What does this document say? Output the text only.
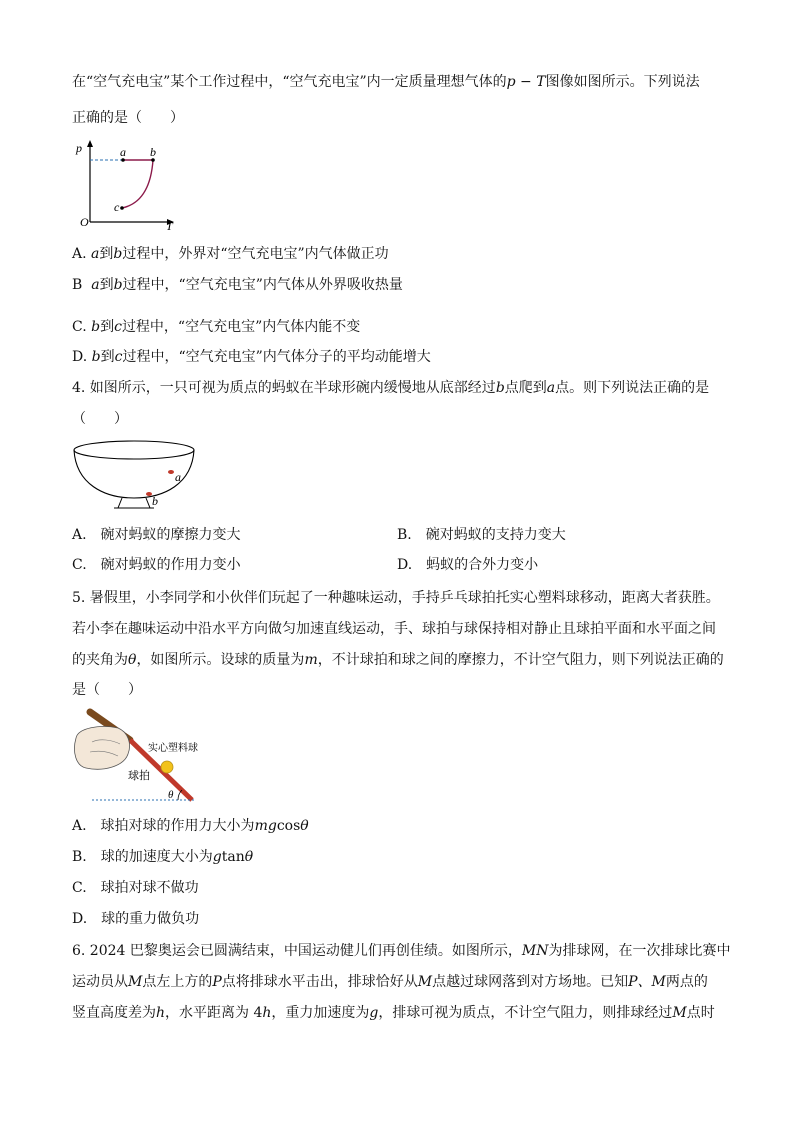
在“空气充电宝”某个工作过程中，“空气充电宝”内一定质量理想气体的p − T图像如图所示。下列说法
正确的是（　　）
p
T
O
a b
c
A. a到b过程中，外界对“空气充电宝”内气体做正功
B a到b过程中，“空气充电宝”内气体从外界吸收热量
C. b到c过程中，“空气充电宝”内气体内能不变
D. b到c过程中，“空气充电宝”内气体分子的平均动能增大
4. 如图所示，一只可视为质点的蚂蚁在半球形碗内缓慢地从底部经过b点爬到a点。则下列说法正确的是
（　　）
a
b
A.　碗对蚂蚁的摩擦力变大	B.　碗对蚂蚁的支持力变大
C.　碗对蚂蚁的作用力变小	D.　蚂蚁的合外力变小
5. 暑假里，小李同学和小伙伴们玩起了一种趣味运动，手持乒乓球拍托实心塑料球移动，距离大者获胜。
若小李在趣味运动中沿水平方向做匀加速直线运动，手、球拍与球保持相对静止且球拍平面和水平面之间
的夹角为θ，如图所示。设球的质量为m，不计球拍和球之间的摩擦力，不计空气阻力，则下列说法正确的
是（　　）
实心塑料球
球拍
θ
A.　球拍对球的作用力大小为mgcosθ
B.　球的加速度大小为gtanθ
C.　球拍对球不做功
D.　球的重力做负功
6. 2024 巴黎奥运会已圆满结束，中国运动健儿们再创佳绩。如图所示，MN为排球网，在一次排球比赛中
运动员从M点左上方的P点将排球水平击出，排球恰好从M点越过球网落到对方场地。已知P、M两点的
竖直高度差为h，水平距离为 4h，重力加速度为g，排球可视为质点，不计空气阻力，则排球经过M点时
